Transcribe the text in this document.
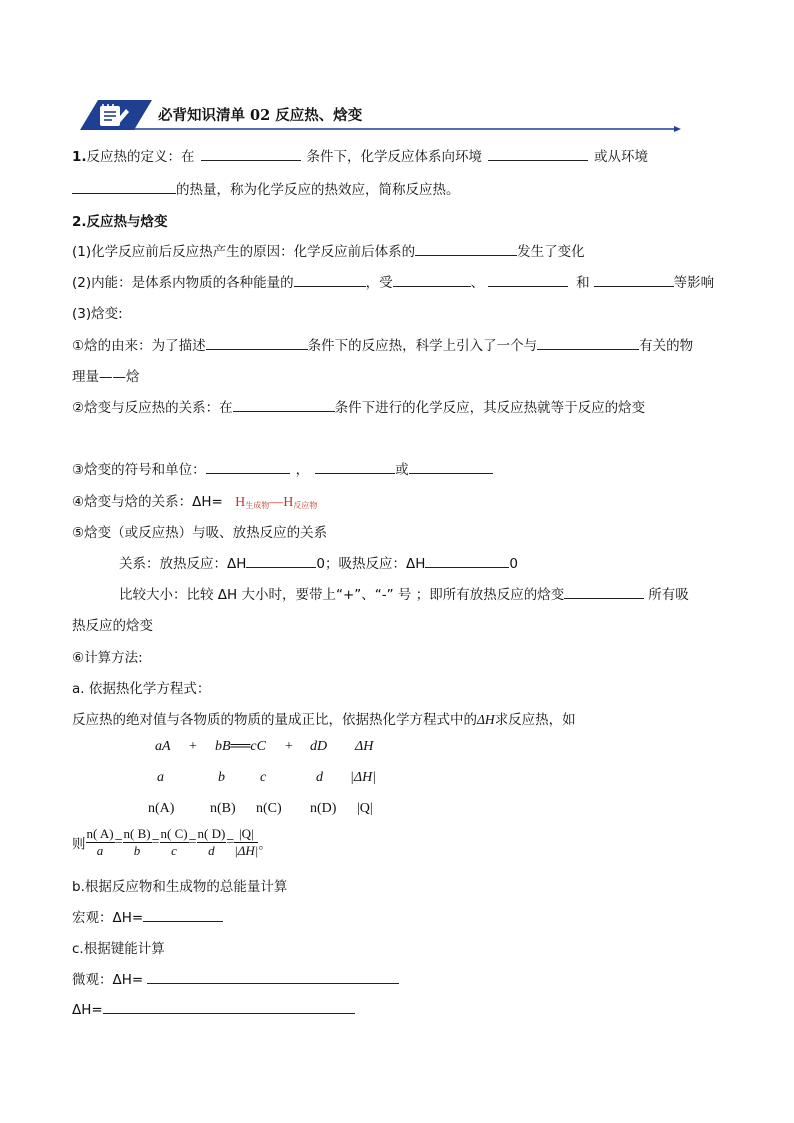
必背知识清单 02 反应热、焓变
1.反应热的定义：在	条件下，化学反应体系向环境	或从环境
的热量，称为化学反应的热效应，简称反应热。
2.反应热与焓变
(1)化学反应前后反应热产生的原因：化学反应前后体系的	发生了变化
(2)内能：是体系内物质的各种能量的	，受	、	和	等影响
(3)焓变:
①焓的由来：为了描述	条件下的反应热，科学上引入了一个与	有关的物
理量——焓
②焓变与反应热的关系：在	条件下进行的化学反应，其反应热就等于反应的焓变
③焓变的符号和单位：	，	或
④焓变与焓的关系：$\Delta H= H_{生成物}—H_{反应物}$
⑤焓变（或反应热）与吸、放热反应的关系
关系：放热反应：ΔH	0；吸热反应：ΔH	0
比较大小：比较 ΔH 大小时，要带上“+”、“-” 号 ；即所有放热反应的焓变	所有吸
热反应的焓变
⑥计算方法:
a. 依据热化学方程式：
反应热的绝对值与各物质的物质的量成正比，依据热化学方程式中的ΔH求反应热，如
aA + bB══cC + dD ΔH
a	b	c	d |ΔH|
n(A)	n(B) n(C) n(D) |Q|
则 $\frac{n( A)}{a} = \frac{n( B)}{b} = \frac{n( C)}{c} = \frac{n( D)}{d} = \frac{|Q|}{|\Delta H|}$ 。
b.根据反应物和生成物的总能量计算
宏观：ΔH=
c.根据键能计算
微观：ΔH=
ΔH=
